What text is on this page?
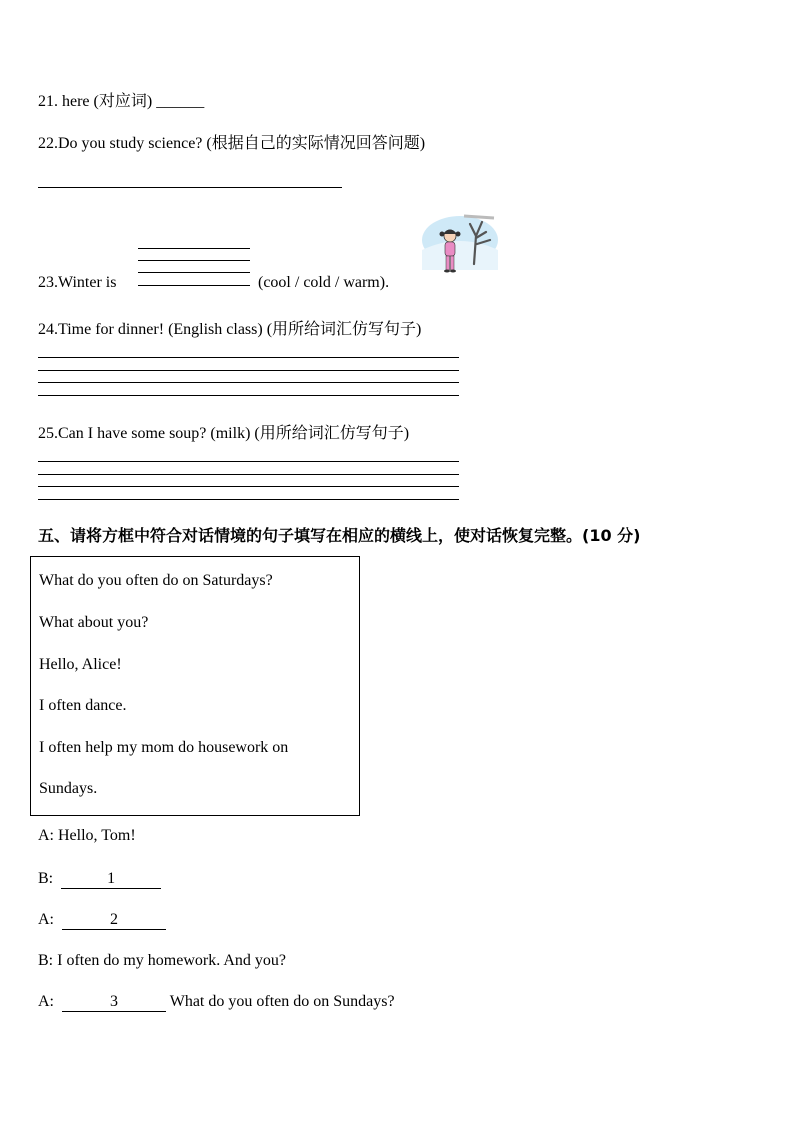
21. here (对应词) ______
22.Do you study science? (根据自己的实际情况回答问题)
23.Winter is	(cool / cold / warm).
24.Time for dinner! (English class) (用所给词汇仿写句子)
25.Can I have some soup? (milk) (用所给词汇仿写句子)
五、请将方框中符合对话情境的句子填写在相应的横线上，使对话恢复完整。(10 分)
What do you often do on Saturdays?
What about you?
Hello, Alice!
I often dance.
I often help my mom do housework on
Sundays.
A: Hello, Tom!
B:	1
A:	2
B: I often do my homework. And you?
A:	3	What do you often do on Sundays?
